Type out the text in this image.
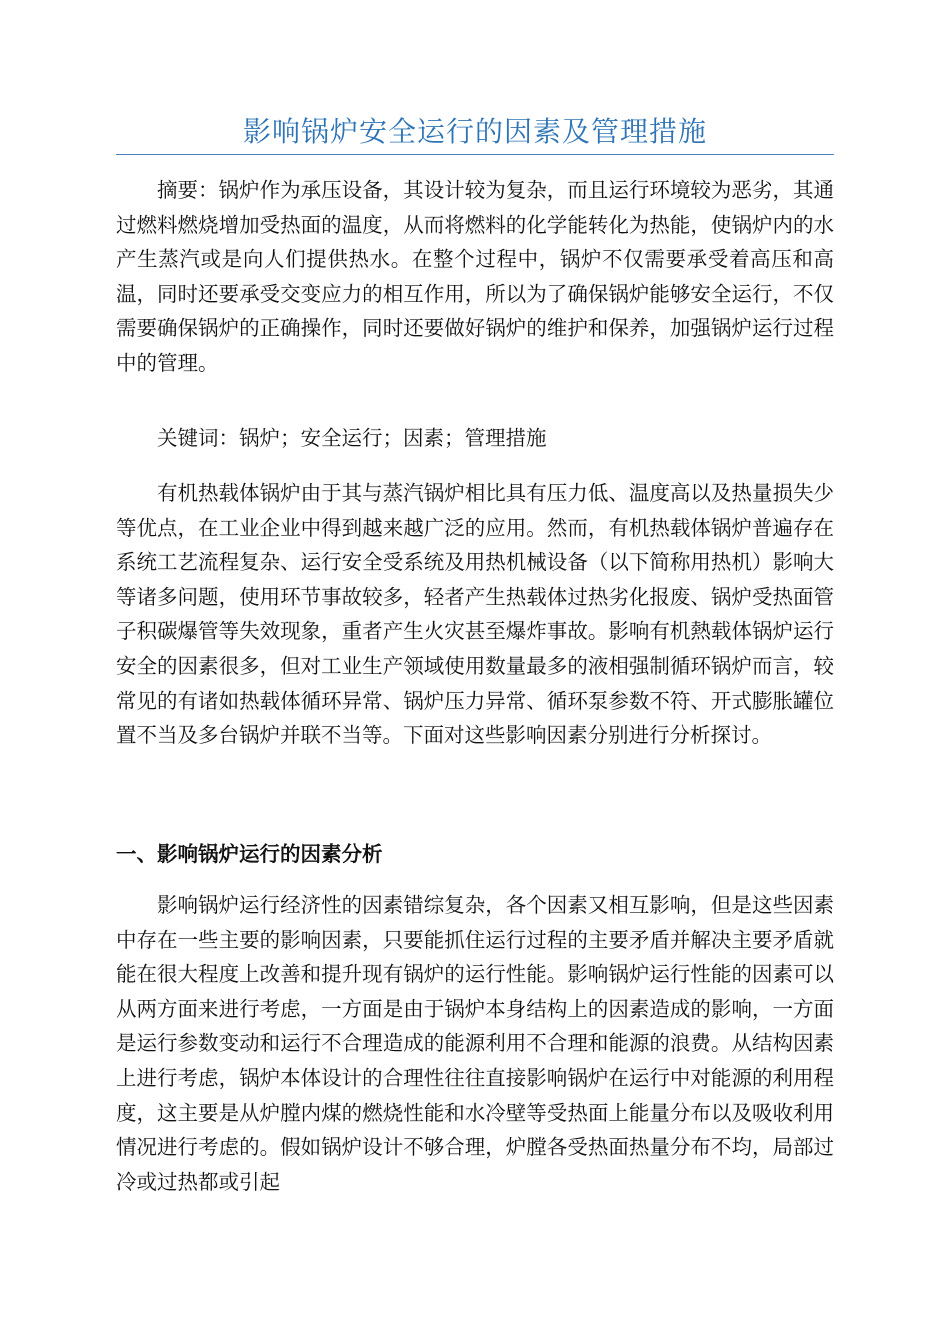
影响锅炉安全运行的因素及管理措施

摘要：锅炉作为承压设备，其设计较为复杂，而且运行环境较为恶劣，其通过燃料燃烧增加受热面的温度，从而将燃料的化学能转化为热能，使锅炉内的水产生蒸汽或是向人们提供热水。在整个过程中，锅炉不仅需要承受着高压和高温，同时还要承受交变应力的相互作用，所以为了确保锅炉能够安全运行，不仅需要确保锅炉的正确操作，同时还要做好锅炉的维护和保养，加强锅炉运行过程中的管理。

关键词：锅炉；安全运行；因素；管理措施

有机热载体锅炉由于其与蒸汽锅炉相比具有压力低、温度高以及热量损失少等优点，在工业企业中得到越来越广泛的应用。然而，有机热载体锅炉普遍存在系统工艺流程复杂、运行安全受系统及用热机械设备（以下简称用热机）影响大等诸多问题，使用环节事故较多，轻者产生热载体过热劣化报废、锅炉受热面管子积碳爆管等失效现象，重者产生火灾甚至爆炸事故。影响有机熱载体锅炉运行安全的因素很多，但对工业生产领域使用数量最多的液相强制循环锅炉而言，较常见的有诸如热载体循环异常、锅炉压力异常、循环泵参数不符、开式膨胀罐位置不当及多台锅炉并联不当等。下面对这些影响因素分别进行分析探讨。

一、影响锅炉运行的因素分析

影响锅炉运行经济性的因素错综复杂，各个因素又相互影响，但是这些因素中存在一些主要的影响因素，只要能抓住运行过程的主要矛盾并解决主要矛盾就能在很大程度上改善和提升现有锅炉的运行性能。影响锅炉运行性能的因素可以从两方面来进行考虑，一方面是由于锅炉本身结构上的因素造成的影响，一方面是运行参数变动和运行不合理造成的能源利用不合理和能源的浪费。从结构因素上进行考虑，锅炉本体设计的合理性往往直接影响锅炉在运行中对能源的利用程度，这主要是从炉膛内煤的燃烧性能和水冷壁等受热面上能量分布以及吸收利用情况进行考虑的。假如锅炉设计不够合理，炉膛各受热面热量分布不均，局部过冷或过热都或引起
